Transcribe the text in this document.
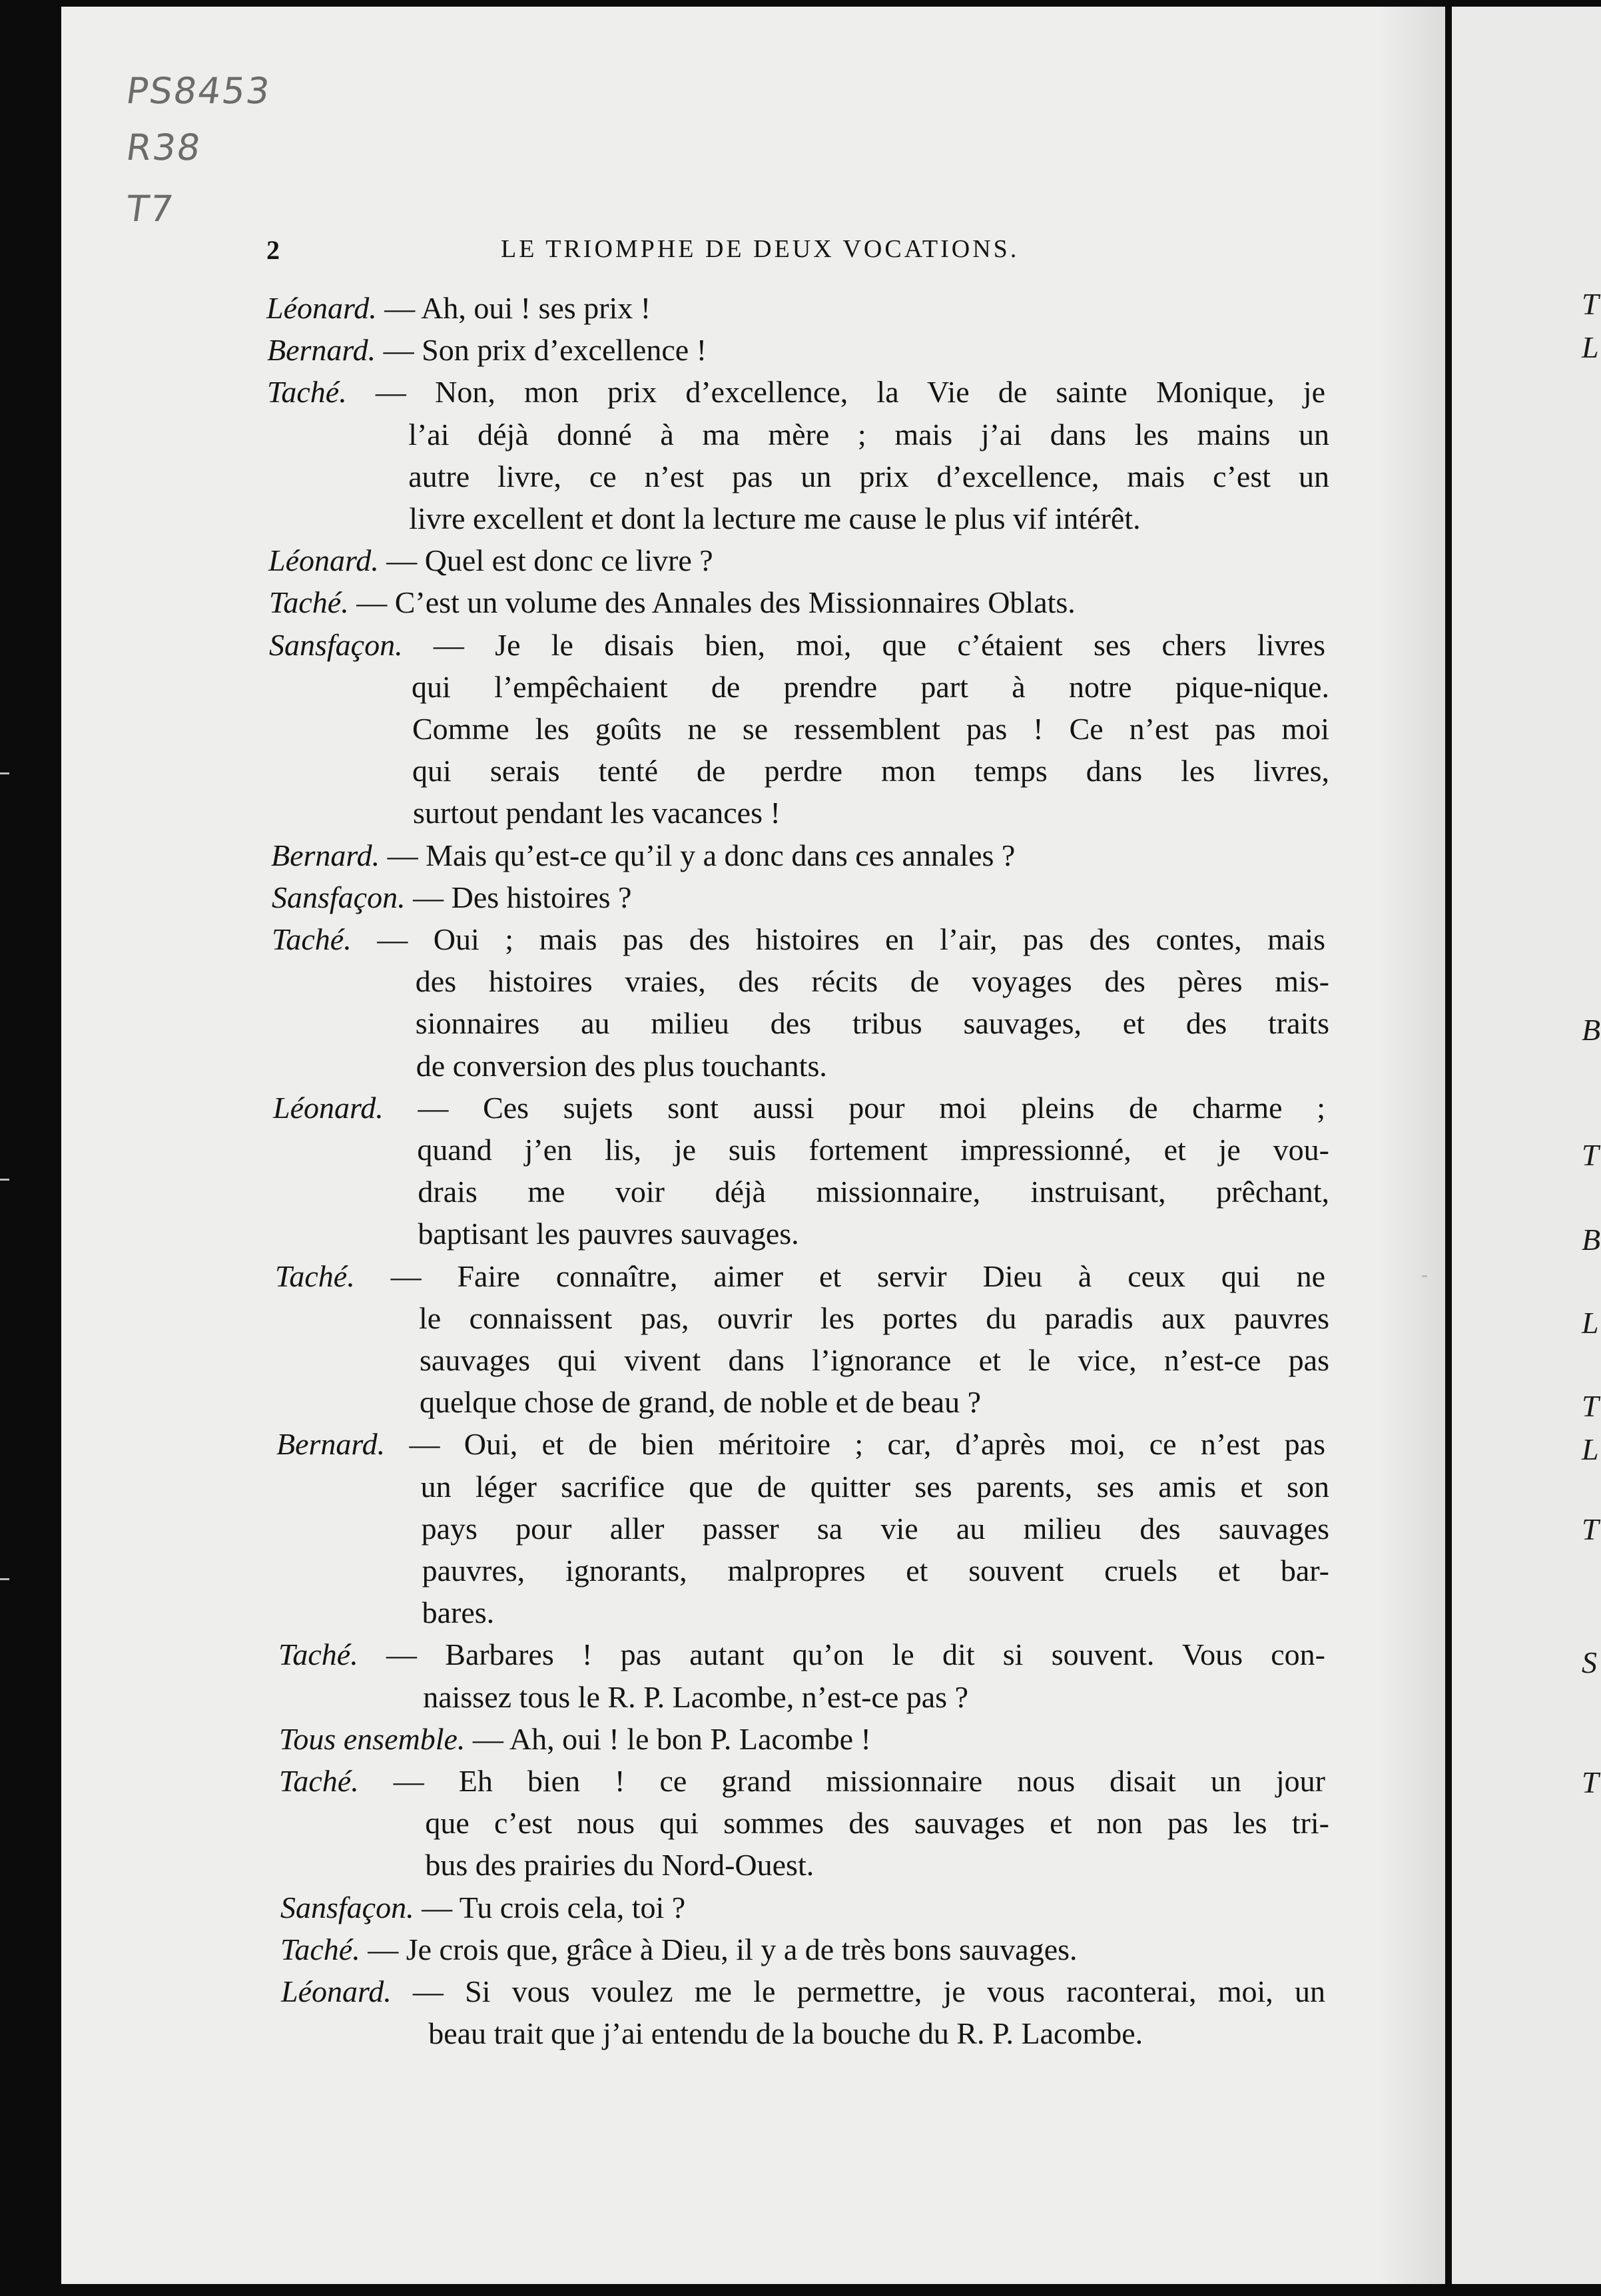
T
L
B
T
B
L
T
L
T
S
T
PS8453
R38
T7
2	LE TRIOMPHE DE DEUX VOCATIONS.
Léonard. — Ah, oui ! ses prix !
Bernard. — Son prix d’excellence !
Taché. — Non, mon prix d’excellence, la Vie de sainte Monique, je
l’ai déjà donné à ma mère ; mais j’ai dans les mains un
autre livre, ce n’est pas un prix d’excellence, mais c’est un
livre excellent et dont la lecture me cause le plus vif intérêt.
Léonard. — Quel est donc ce livre ?
Taché. — C’est un volume des Annales des Missionnaires Oblats.
Sansfaçon. — Je le disais bien, moi, que c’étaient ses chers livres
qui l’empêchaient de prendre part à notre pique-nique.
Comme les goûts ne se ressemblent pas ! Ce n’est pas moi
qui serais tenté de perdre mon temps dans les livres,
surtout pendant les vacances !
Bernard. — Mais qu’est-ce qu’il y a donc dans ces annales ?
Sansfaçon. — Des histoires ?
Taché. — Oui ; mais pas des histoires en l’air, pas des contes, mais
des histoires vraies, des récits de voyages des pères mis-
sionnaires au milieu des tribus sauvages, et des traits
de conversion des plus touchants.
Léonard. — Ces sujets sont aussi pour moi pleins de charme ;
quand j’en lis, je suis fortement impressionné, et je vou-
drais me voir déjà missionnaire, instruisant, prêchant,
baptisant les pauvres sauvages.
Taché. — Faire connaître, aimer et servir Dieu à ceux qui ne
le connaissent pas, ouvrir les portes du paradis aux pauvres
sauvages qui vivent dans l’ignorance et le vice, n’est-ce pas
quelque chose de grand, de noble et de beau ?
Bernard. — Oui, et de bien méritoire ; car, d’après moi, ce n’est pas
un léger sacrifice que de quitter ses parents, ses amis et son
pays pour aller passer sa vie au milieu des sauvages
pauvres, ignorants, malpropres et souvent cruels et bar-
bares.
Taché. — Barbares ! pas autant qu’on le dit si souvent. Vous con-
naissez tous le R. P. Lacombe, n’est-ce pas ?
Tous ensemble. — Ah, oui ! le bon P. Lacombe !
Taché. — Eh bien ! ce grand missionnaire nous disait un jour
que c’est nous qui sommes des sauvages et non pas les tri-
bus des prairies du Nord-Ouest.
Sansfaçon. — Tu crois cela, toi ?
Taché. — Je crois que, grâce à Dieu, il y a de très bons sauvages.
Léonard. — Si vous voulez me le permettre, je vous raconterai, moi, un
beau trait que j’ai entendu de la bouche du R. P. Lacombe.
